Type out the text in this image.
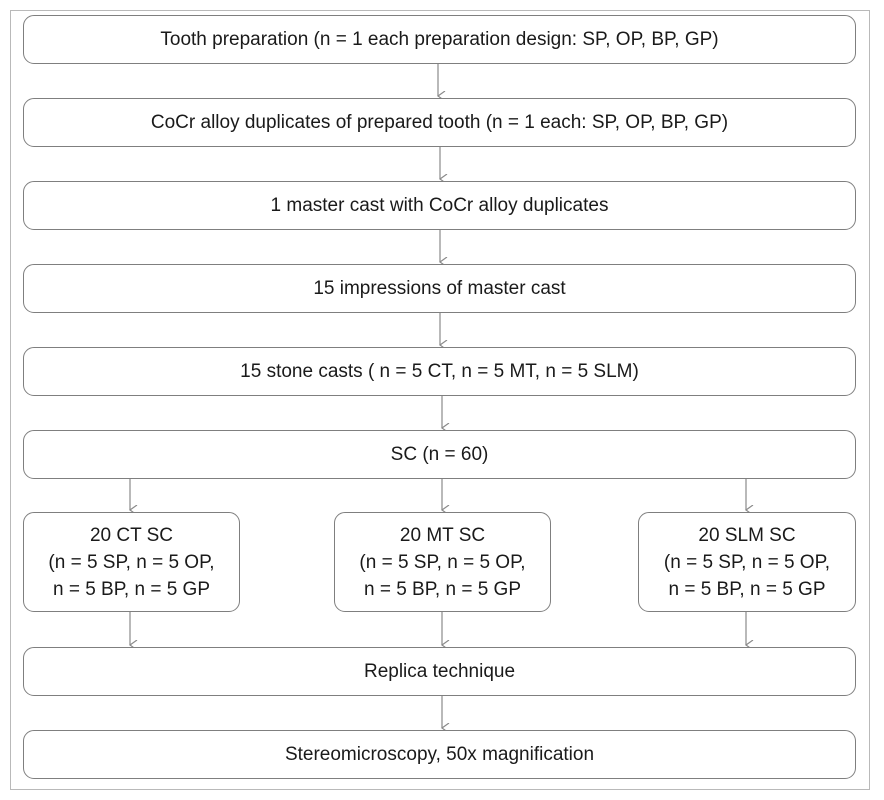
Tooth preparation (n = 1 each preparation design: SP, OP, BP, GP)
CoCr alloy duplicates of prepared tooth (n = 1 each: SP, OP, BP, GP)
1 master cast with CoCr alloy duplicates
15 impressions of master cast
15 stone casts ( n = 5 CT, n = 5 MT, n = 5 SLM)
SC (n = 60)
20 CT SC
(n = 5 SP, n = 5 OP,
n = 5 BP, n = 5 GP
20 MT SC
(n = 5 SP, n = 5 OP,
n = 5 BP, n = 5 GP
20 SLM SC
(n = 5 SP, n = 5 OP,
n = 5 BP, n = 5 GP
Replica technique
Stereomicroscopy, 50x magnification
